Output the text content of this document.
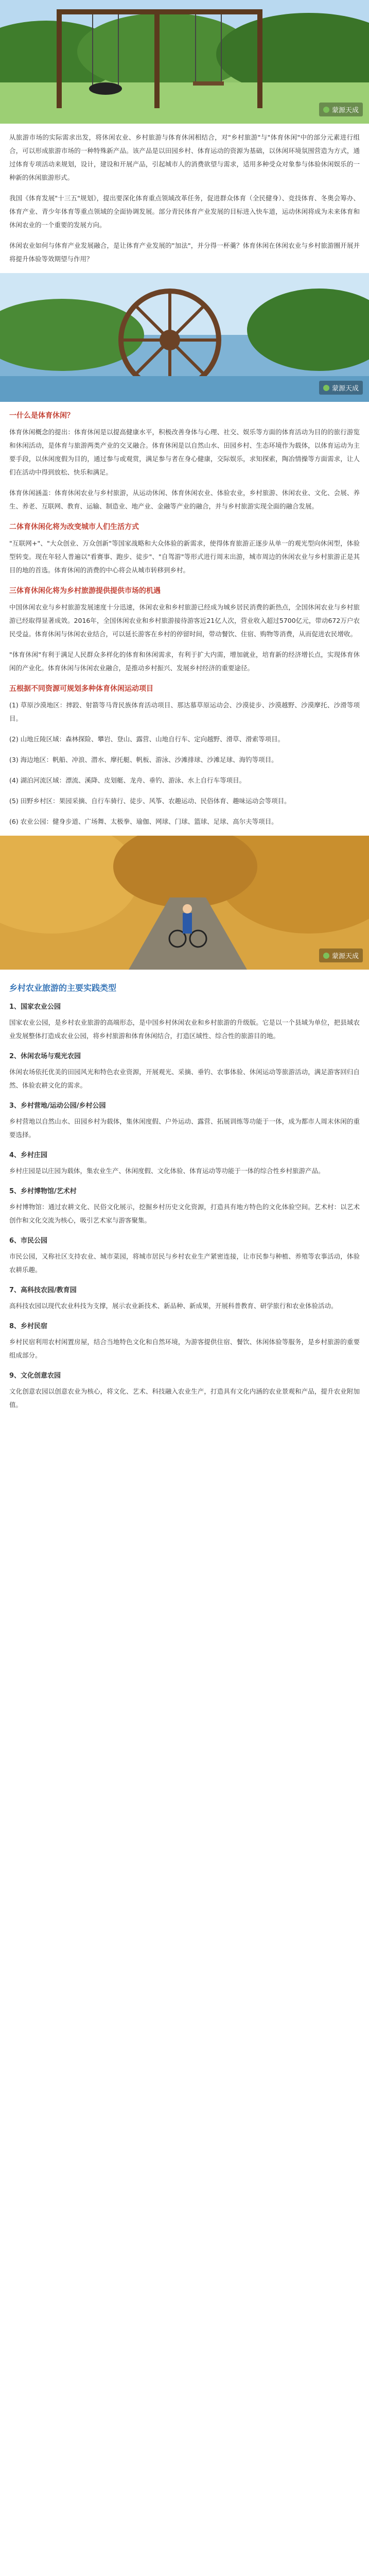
蒙源天成

从旅游市场的实际需求出发，将休闲农业、乡村旅游与体育休闲相结合，对"乡村旅游"与"体育休闲"中的部分元素进行组合，可以形成旅游市场的一种特殊新产品。该产品是以田园乡村、体育运动的资源为基础，以休闲环境氛围营造为方式，通过体育专项活动来规划，设计，建设和开展产品，引起城市人的消费欲望与需求，适用多种受众对象参与体验休闲娱乐的一种新的休闲旅游形式。

我国《体育发展"十三五"规划》，提出要深化体育重点领域改革任务，促进群众体育（全民健身）、竞技体育、冬奥会筹办、体育产业、青少年体育等重点领域的全面协调发展。部分青民体育产业发展的目标进入快车道，运动休闲将成为未来体育和休闲农业的一个重要的发展方向。

休闲农业如何与体育产业发展融合，是让体育产业发展的"加法"，并分得一杯羹？体育休闲在休闲农业与乡村旅游圈开展并将提升体验等效期望与作用？

蒙源天成
一什么是体育休闲？

体育休闲概念的提出：体育休闲是以提高健康水平，积极改善身体与心理、社交、娱乐等方面的体育活动为目的的旅行游览和休闲活动，是体育与旅游两类产业的交叉融合。体育休闲是以自然山水、田园乡村、生态环境作为载体，以体育运动为主要手段，以休闲度假为目的，通过参与或观赏，满足参与者在身心健康，交际娱乐，求知探索，陶冶情操等方面需求，让人们在活动中得到放松、快乐和满足。

体育休闲涵盖：体育休闲农业与乡村旅游，从运动休闲、体育休闲农业、体验农业，乡村旅游、休闲农业、文化、会展、养生、养老、互联网、教育、运输、制造业、地产业、金融等产业的融合，并与乡村旅游实现全面的融合发展。

二体育休闲化将为改变城市人们生活方式

"互联网+"、"大众创业、万众创新"等国家战略和大众体验的新需求，使得体育旅游正逐步从单一的观光型向休闲型，体验型转变。现在年轻人普遍以"看赛事、跑步、徒步"、"自驾游"等形式进行周末出游，城市周边的休闲农业与乡村旅游正是其目的地的首选。体育休闲的消费的中心将会从城市转移到乡村。

三体育休闲化将为乡村旅游提供提供市场的机遇

中国休闲农业与乡村旅游发展速度十分迅速，休闲农业和乡村旅游已经成为城乡居民消费的新热点，全国休闲农业与乡村旅游已经取得显著成效。2016年，全国休闲农业和乡村旅游接待游客近21亿人次，营业收入超过5700亿元，带动672万户农民受益。体育休闲与休闲农业结合，可以延长游客在乡村的停留时间，带动餐饮、住宿、购物等消费，从而促进农民增收。

"体育休闲"有利于满足人民群众多样化的体育和休闲需求，有利于扩大内需，增加就业，培育新的经济增长点，实现体育休闲的产业化。体育休闲与休闲农业融合，是推动乡村振兴、发展乡村经济的重要途径。

五根据不同资源可规划多种体育休闲运动项目

(1) 草原沙漠地区：摔跤、射箭等马背民族体育活动项目、那达慕草原运动会、沙漠徒步、沙漠越野、沙漠摩托、沙滑等项目。

(2) 山地丘陵区域：森林探险、攀岩、登山、露营、山地自行车、定向越野、滑草、滑索等项目。

(3) 海边地区：帆船、冲浪、潜水、摩托艇、帆板、游泳、沙滩排球、沙滩足球、海钓等项目。

(4) 湖泊河流区域：漂流、溪降、皮划艇、龙舟、垂钓、游泳、水上自行车等项目。

(5) 田野乡村区：果园采摘、自行车骑行、徒步、风筝、农趣运动、民俗体育、趣味运动会等项目。

(6) 农业公园：健身步道、广场舞、太极拳、瑜伽、网球、门球、篮球、足球、高尔夫等项目。

蒙源天成
乡村农业旅游的主要实践类型
1、国家农业公园

国家农业公园，是乡村农业旅游的高端形态，是中国乡村休闲农业和乡村旅游的升级版。它是以一个县域为单位，把县域农业发展整体打造成农业公园，将乡村旅游和体育休闲结合，打造区域性、综合性的旅游目的地。

2、休闲农场与观光农园

休闲农场依托优美的田园风光和特色农业资源，开展观光、采摘、垂钓、农事体验、休闲运动等旅游活动，满足游客回归自然、体验农耕文化的需求。

3、乡村营地/运动公园/乡村公园

乡村营地以自然山水、田园乡村为载体，集休闲度假、户外运动、露营、拓展训练等功能于一体，成为都市人周末休闲的重要选择。

4、乡村庄园

乡村庄园是以庄园为载体，集农业生产、休闲度假、文化体验、体育运动等功能于一体的综合性乡村旅游产品。

5、乡村博物馆/艺术村

乡村博物馆：通过农耕文化、民俗文化展示，挖掘乡村历史文化资源，打造具有地方特色的文化体验空间。艺术村：以艺术创作和文化交流为核心，吸引艺术家与游客聚集。

6、市民公园

市民公园，又称社区支持农业、城市菜园，将城市居民与乡村农业生产紧密连接，让市民参与种植、养殖等农事活动，体验农耕乐趣。

7、高科技农园/教育园

高科技农园以现代农业科技为支撑，展示农业新技术、新品种、新成果，开展科普教育、研学旅行和农业体验活动。

8、乡村民宿

乡村民宿利用农村闲置房屋，结合当地特色文化和自然环境，为游客提供住宿、餐饮、休闲体验等服务，是乡村旅游的重要组成部分。

9、文化创意农园

文化创意农园以创意农业为核心，将文化、艺术、科技融入农业生产，打造具有文化内涵的农业景观和产品，提升农业附加值。
